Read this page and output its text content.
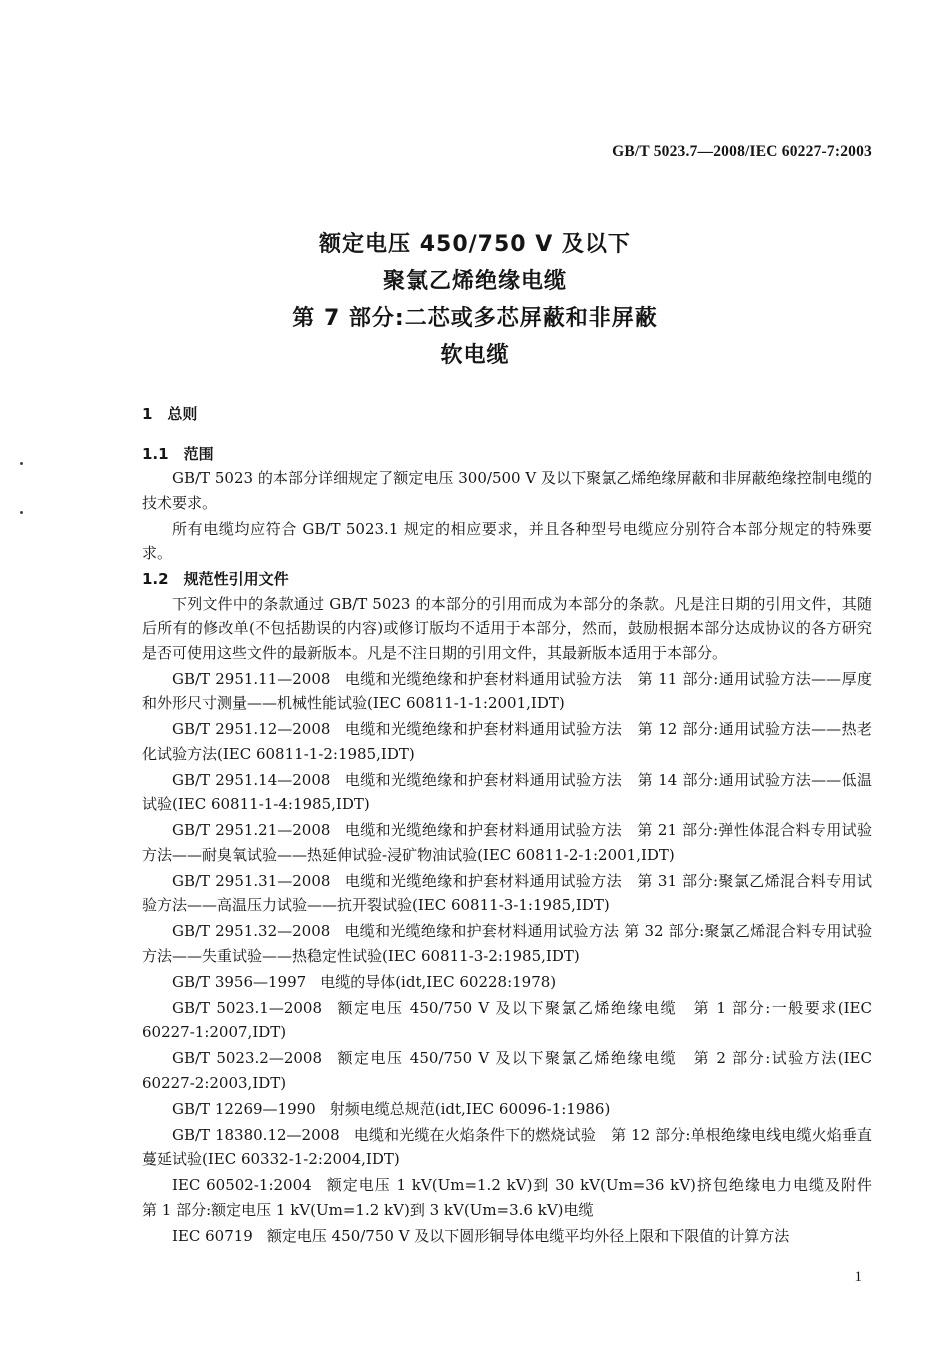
GB/T 5023.7—2008/IEC 60227-7:2003
额定电压 450/750 V 及以下
聚氯乙烯绝缘电缆
第 7 部分:二芯或多芯屏蔽和非屏蔽
软电缆
1　总则
1.1　范围

GB/T 5023 的本部分详细规定了额定电压 300/500 V 及以下聚氯乙烯绝缘屏蔽和非屏蔽绝缘控制电缆的技术要求。

所有电缆均应符合 GB/T 5023.1 规定的相应要求，并且各种型号电缆应分别符合本部分规定的特殊要求。

1.2　规范性引用文件

下列文件中的条款通过 GB/T 5023 的本部分的引用而成为本部分的条款。凡是注日期的引用文件，其随后所有的修改单(不包括勘误的内容)或修订版均不适用于本部分，然而，鼓励根据本部分达成协议的各方研究是否可使用这些文件的最新版本。凡是不注日期的引用文件，其最新版本适用于本部分。

GB/T 2951.11—2008 电缆和光缆绝缘和护套材料通用试验方法　第 11 部分:通用试验方法——厚度和外形尺寸测量——机械性能试验(IEC 60811-1-1:2001,IDT)

GB/T 2951.12—2008 电缆和光缆绝缘和护套材料通用试验方法　第 12 部分:通用试验方法——热老化试验方法(IEC 60811-1-2:1985,IDT)

GB/T 2951.14—2008 电缆和光缆绝缘和护套材料通用试验方法　第 14 部分:通用试验方法——低温试验(IEC 60811-1-4:1985,IDT)

GB/T 2951.21—2008 电缆和光缆绝缘和护套材料通用试验方法　第 21 部分:弹性体混合料专用试验方法——耐臭氧试验——热延伸试验-浸矿物油试验(IEC 60811-2-1:2001,IDT)

GB/T 2951.31—2008 电缆和光缆绝缘和护套材料通用试验方法　第 31 部分:聚氯乙烯混合料专用试验方法——高温压力试验——抗开裂试验(IEC 60811-3-1:1985,IDT)

GB/T 2951.32—2008 电缆和光缆绝缘和护套材料通用试验方法 第 32 部分:聚氯乙烯混合料专用试验方法——失重试验——热稳定性试验(IEC 60811-3-2:1985,IDT)

GB/T 3956—1997 电缆的导体(idt,IEC 60228:1978)

GB/T 5023.1—2008 额定电压 450/750 V 及以下聚氯乙烯绝缘电缆　第 1 部分:一般要求(IEC 60227-1:2007,IDT)

GB/T 5023.2—2008 额定电压 450/750 V 及以下聚氯乙烯绝缘电缆　第 2 部分:试验方法(IEC 60227-2:2003,IDT)

GB/T 12269—1990 射频电缆总规范(idt,IEC 60096-1:1986)

GB/T 18380.12—2008 电缆和光缆在火焰条件下的燃烧试验　第 12 部分:单根绝缘电线电缆火焰垂直蔓延试验(IEC 60332-1-2:2004,IDT)

IEC 60502-1:2004 额定电压 1 kV(Um=1.2 kV)到 30 kV(Um=36 kV)挤包绝缘电力电缆及附件　第 1 部分:额定电压 1 kV(Um=1.2 kV)到 3 kV(Um=3.6 kV)电缆

IEC 60719 额定电压 450/750 V 及以下圆形铜导体电缆平均外径上限和下限值的计算方法

1
